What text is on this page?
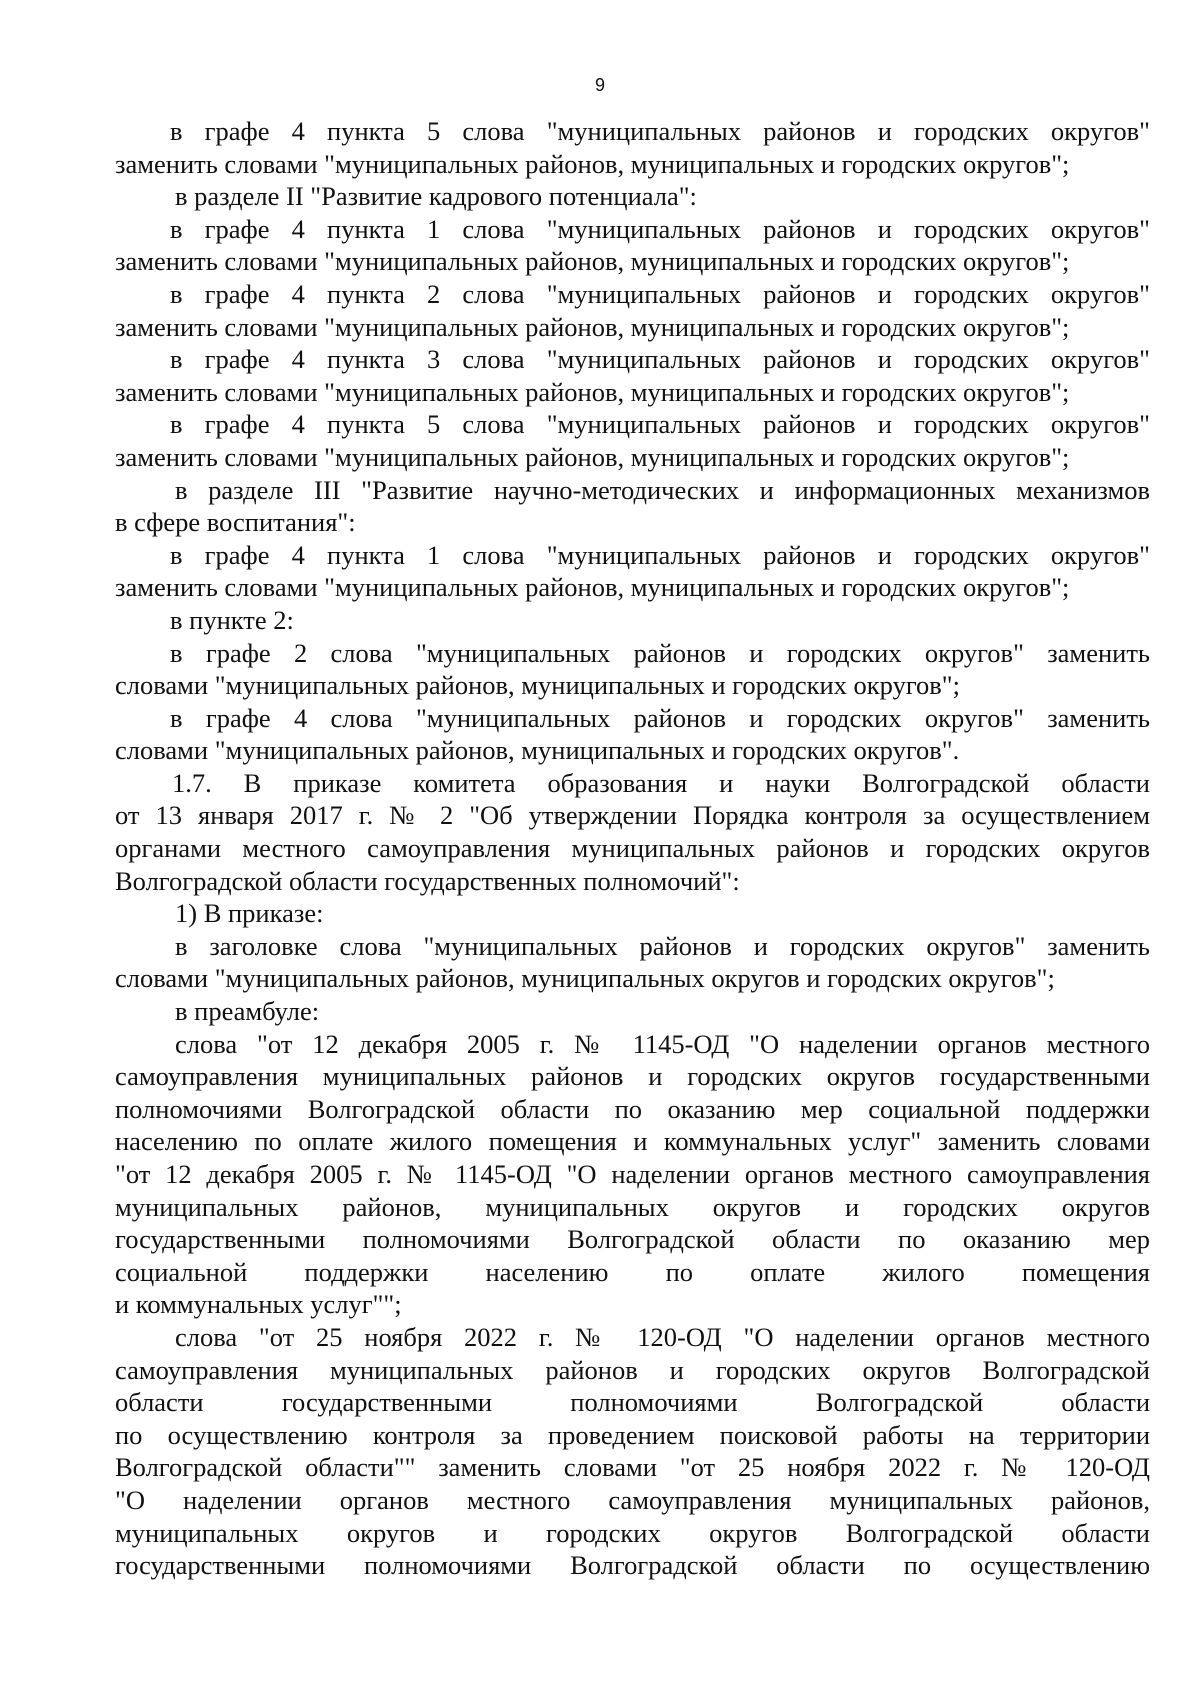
9
в графе 4 пункта 5 слова "муниципальных районов и городских округов"
заменить словами "муниципальных районов, муниципальных и городских округов";
в разделе II "Развитие кадрового потенциала":
в графе 4 пункта 1 слова "муниципальных районов и городских округов"
заменить словами "муниципальных районов, муниципальных и городских округов";
в графе 4 пункта 2 слова "муниципальных районов и городских округов"
заменить словами "муниципальных районов, муниципальных и городских округов";
в графе 4 пункта 3 слова "муниципальных районов и городских округов"
заменить словами "муниципальных районов, муниципальных и городских округов";
в графе 4 пункта 5 слова "муниципальных районов и городских округов"
заменить словами "муниципальных районов, муниципальных и городских округов";
в разделе III "Развитие научно-методических и информационных механизмов
в сфере воспитания":
в графе 4 пункта 1 слова "муниципальных районов и городских округов"
заменить словами "муниципальных районов, муниципальных и городских округов";
в пункте 2:
в графе 2 слова "муниципальных районов и городских округов" заменить
словами "муниципальных районов, муниципальных и городских округов";
в графе 4 слова "муниципальных районов и городских округов" заменить
словами "муниципальных районов, муниципальных и городских округов".
1.7. В приказе комитета образования и науки Волгоградской области
от 13 января 2017 г. № 2 "Об утверждении Порядка контроля за осуществлением
органами местного самоуправления муниципальных районов и городских округов
Волгоградской области государственных полномочий":
1) В приказе:
в заголовке слова "муниципальных районов и городских округов" заменить
словами "муниципальных районов, муниципальных округов и городских округов";
в преамбуле:
слова "от 12 декабря 2005 г. № 1145-ОД "О наделении органов местного
самоуправления муниципальных районов и городских округов государственными
полномочиями Волгоградской области по оказанию мер социальной поддержки
населению по оплате жилого помещения и коммунальных услуг" заменить словами
"от 12 декабря 2005 г. № 1145-ОД "О наделении органов местного самоуправления
муниципальных районов, муниципальных округов и городских округов
государственными полномочиями Волгоградской области по оказанию мер
социальной поддержки населению по оплате жилого помещения
и коммунальных услуг"";
слова "от 25 ноября 2022 г. № 120-ОД "О наделении органов местного
самоуправления муниципальных районов и городских округов Волгоградской
области государственными полномочиями Волгоградской области
по осуществлению контроля за проведением поисковой работы на территории
Волгоградской области"" заменить словами "от 25 ноября 2022 г. № 120-ОД
"О наделении органов местного самоуправления муниципальных районов,
муниципальных округов и городских округов Волгоградской области
государственными полномочиями Волгоградской области по осуществлению
